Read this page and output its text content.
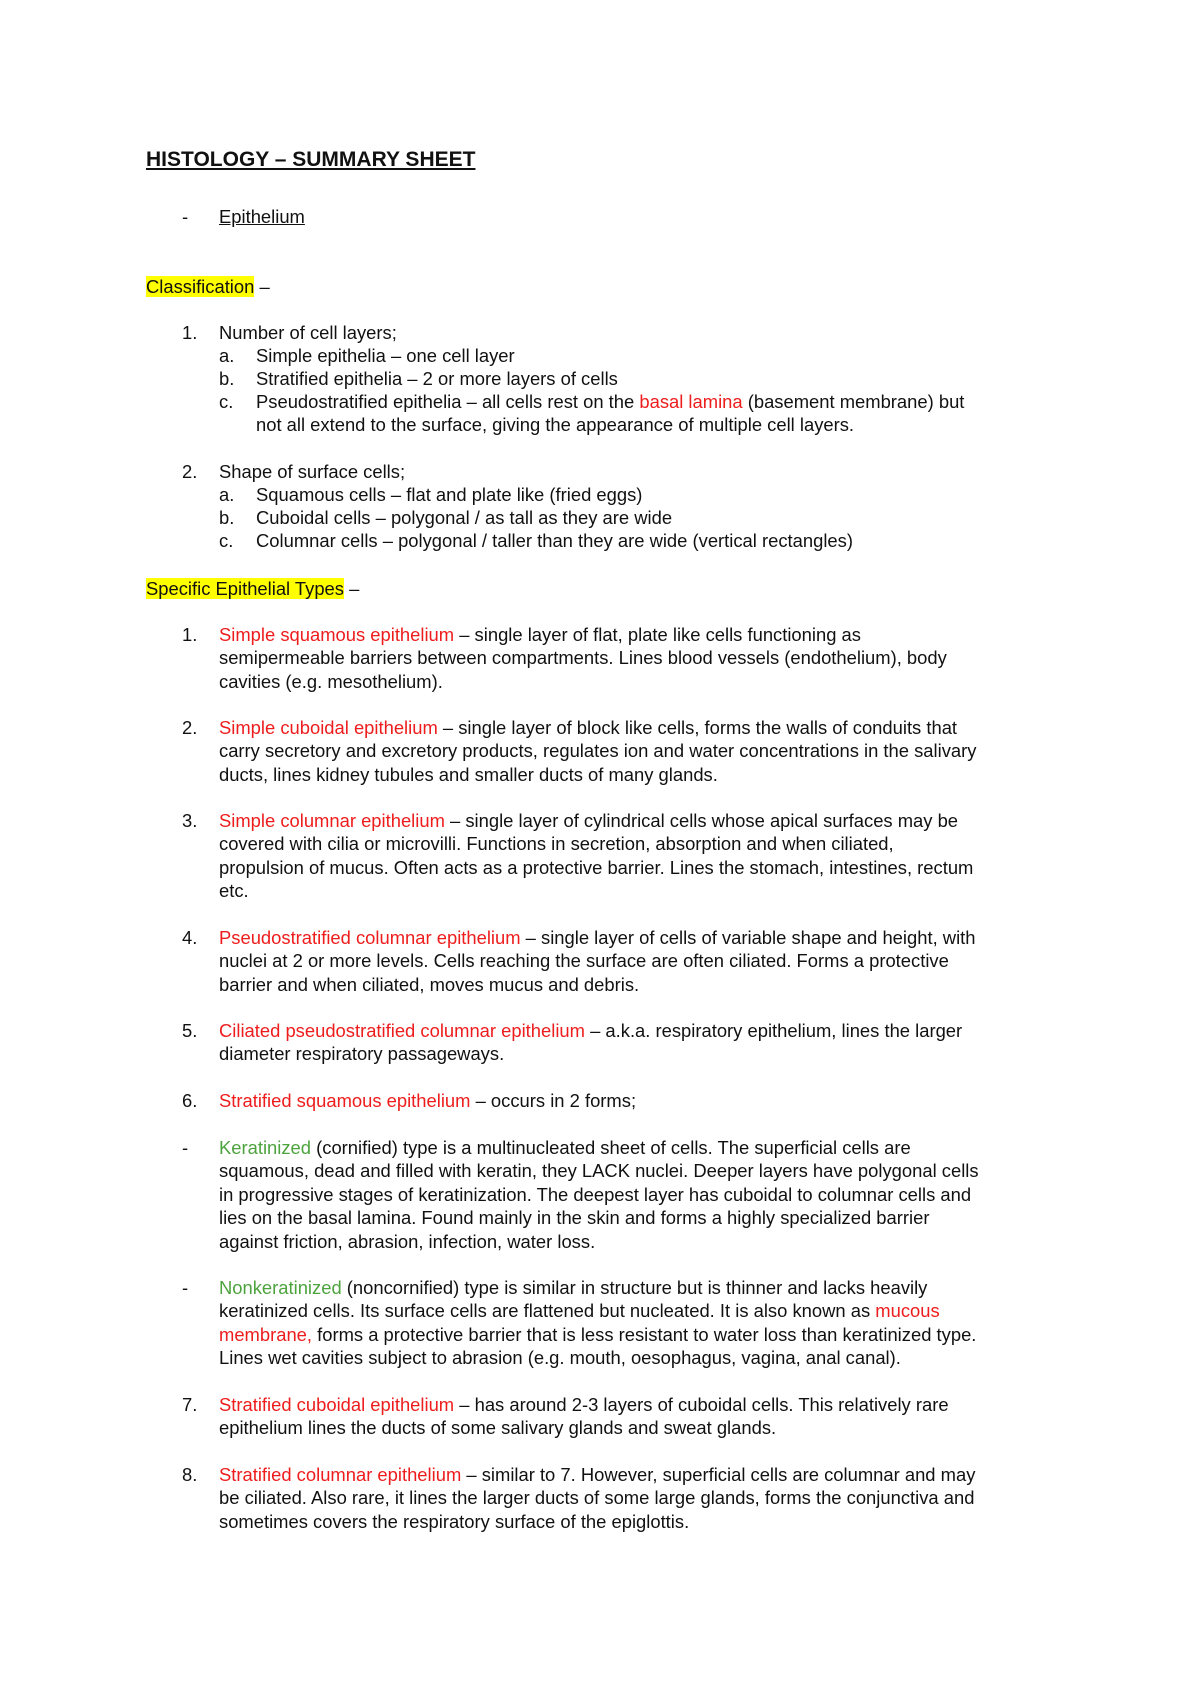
HISTOLOGY – SUMMARY SHEET
- Epithelium
Classification –
1.	Number of cell layers;
a.	Simple epithelia – one cell layer
b.	Stratified epithelia – 2 or more layers of cells
c.	Pseudostratified epithelia – all cells rest on the basal lamina (basement membrane) but
not all extend to the surface, giving the appearance of multiple cell layers.
2.	Shape of surface cells;
a.	Squamous cells – flat and plate like (fried eggs)
b.	Cuboidal cells – polygonal / as tall as they are wide
c.	Columnar cells – polygonal / taller than they are wide (vertical rectangles)
Specific Epithelial Types –
1.	Simple squamous epithelium – single layer of flat, plate like cells functioning as
semipermeable barriers between compartments. Lines blood vessels (endothelium), body
cavities (e.g. mesothelium).
2.	Simple cuboidal epithelium – single layer of block like cells, forms the walls of conduits that
carry secretory and excretory products, regulates ion and water concentrations in the salivary
ducts, lines kidney tubules and smaller ducts of many glands.
3.	Simple columnar epithelium – single layer of cylindrical cells whose apical surfaces may be
covered with cilia or microvilli. Functions in secretion, absorption and when ciliated,
propulsion of mucus. Often acts as a protective barrier. Lines the stomach, intestines, rectum
etc.
4.	Pseudostratified columnar epithelium – single layer of cells of variable shape and height, with
nuclei at 2 or more levels. Cells reaching the surface are often ciliated. Forms a protective
barrier and when ciliated, moves mucus and debris.
5.	Ciliated pseudostratified columnar epithelium – a.k.a. respiratory epithelium, lines the larger
diameter respiratory passageways.
6.	Stratified squamous epithelium – occurs in 2 forms;
- Keratinized (cornified) type is a multinucleated sheet of cells. The superficial cells are
squamous, dead and filled with keratin, they LACK nuclei. Deeper layers have polygonal cells
in progressive stages of keratinization. The deepest layer has cuboidal to columnar cells and
lies on the basal lamina. Found mainly in the skin and forms a highly specialized barrier
against friction, abrasion, infection, water loss.
- Nonkeratinized (noncornified) type is similar in structure but is thinner and lacks heavily
keratinized cells. Its surface cells are flattened but nucleated. It is also known as mucous
membrane, forms a protective barrier that is less resistant to water loss than keratinized type.
Lines wet cavities subject to abrasion (e.g. mouth, oesophagus, vagina, anal canal).
7.	Stratified cuboidal epithelium – has around 2-3 layers of cuboidal cells. This relatively rare
epithelium lines the ducts of some salivary glands and sweat glands.
8.	Stratified columnar epithelium – similar to 7. However, superficial cells are columnar and may
be ciliated. Also rare, it lines the larger ducts of some large glands, forms the conjunctiva and
sometimes covers the respiratory surface of the epiglottis.
